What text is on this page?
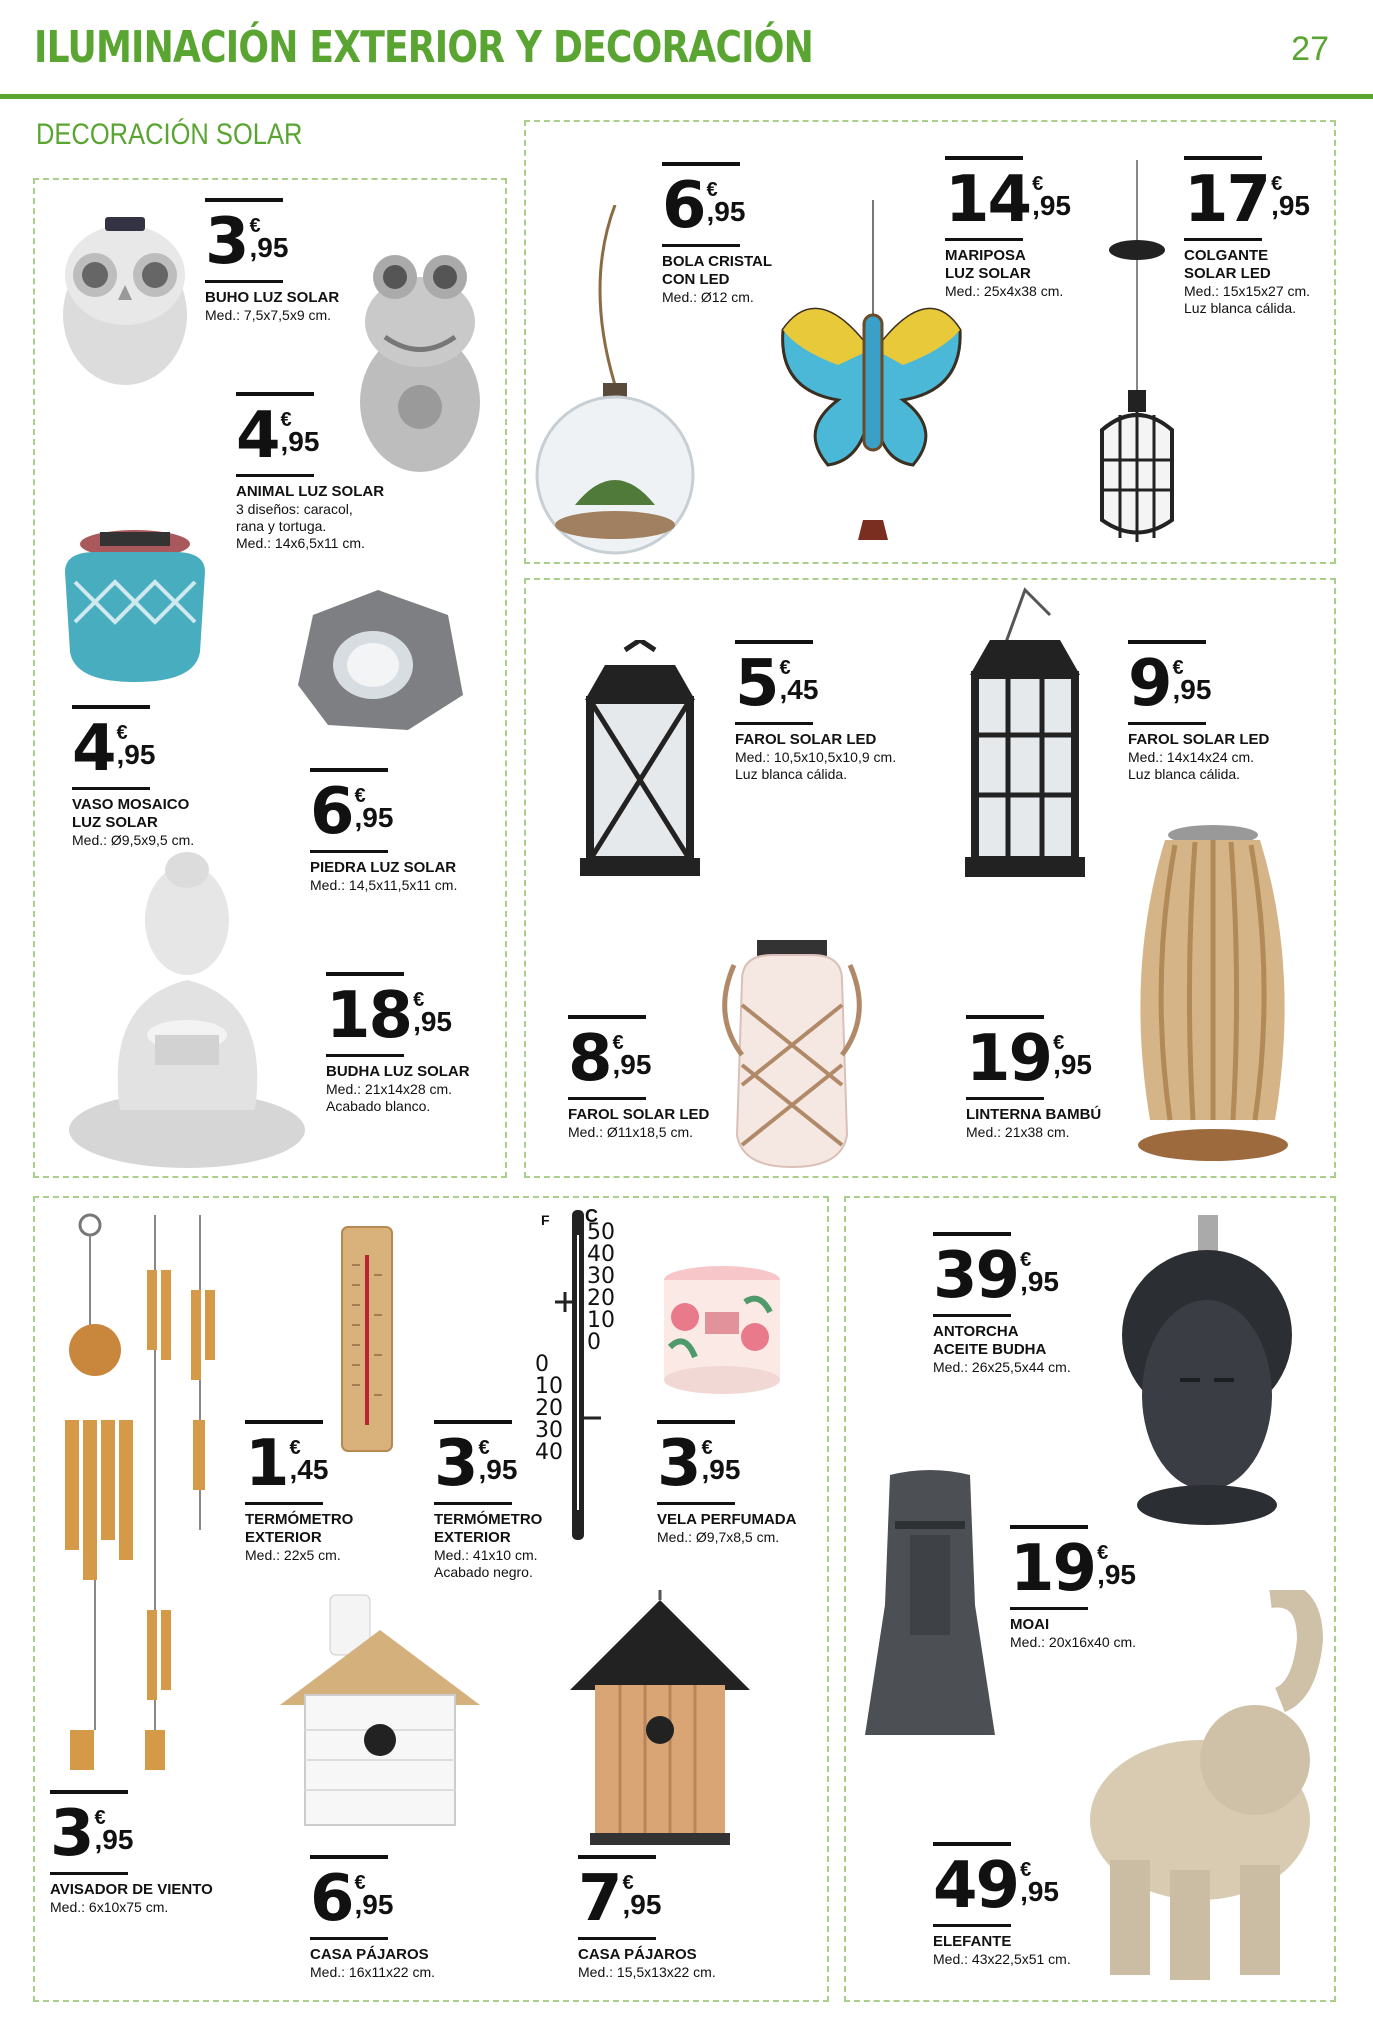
ILUMINACIÓN EXTERIOR Y DECORACIÓN	27
DECORACIÓN SOLAR
C
F 50
40
30
20
10
0
0
10
20
30
40
3 €
,95
BUHO LUZ SOLAR
Med.: 7,5x7,5x9 cm.
4 €
,95
ANIMAL LUZ SOLAR
3 diseños: caracol,
rana y tortuga.
Med.: 14x6,5x11 cm.
4 €
,95
VASO MOSAICO
LUZ SOLAR
Med.: Ø9,5x9,5 cm. 6 €
,95
PIEDRA LUZ SOLAR
Med.: 14,5x11,5x11 cm.
18 €
,95
BUDHA LUZ SOLAR
Med.: 21x14x28 cm.
Acabado blanco.
6 €
,95
BOLA CRISTAL
CON LED
Med.: Ø12 cm.
14 €
,95
MARIPOSA
LUZ SOLAR
Med.: 25x4x38 cm.
17 €
,95
COLGANTE
SOLAR LED
Med.: 15x15x27 cm.
Luz blanca cálida.
5 €
,45
FAROL SOLAR LED
Med.: 10,5x10,5x10,9 cm.
Luz blanca cálida.
9 €
,95
FAROL SOLAR LED
Med.: 14x14x24 cm.
Luz blanca cálida.
8 €
,95
FAROL SOLAR LED
Med.: Ø11x18,5 cm.
19 €
,95
LINTERNA BAMBÚ
Med.: 21x38 cm.
1 €
,45
TERMÓMETRO
EXTERIOR
Med.: 22x5 cm.
3 €
,95
TERMÓMETRO
EXTERIOR
Med.: 41x10 cm.
Acabado negro.
3 €
,95
VELA PERFUMADA
Med.: Ø9,7x8,5 cm.
3 €
,95
AVISADOR DE VIENTO
Med.: 6x10x75 cm.	6 €
,95
CASA PÁJAROS
Med.: 16x11x22 cm.
7 €
,95
CASA PÁJAROS
Med.: 15,5x13x22 cm.
39 €
,95
ANTORCHA
ACEITE BUDHA
Med.: 26x25,5x44 cm.
19 €
,95
MOAI
Med.: 20x16x40 cm.
49 €
,95
ELEFANTE
Med.: 43x22,5x51 cm.
